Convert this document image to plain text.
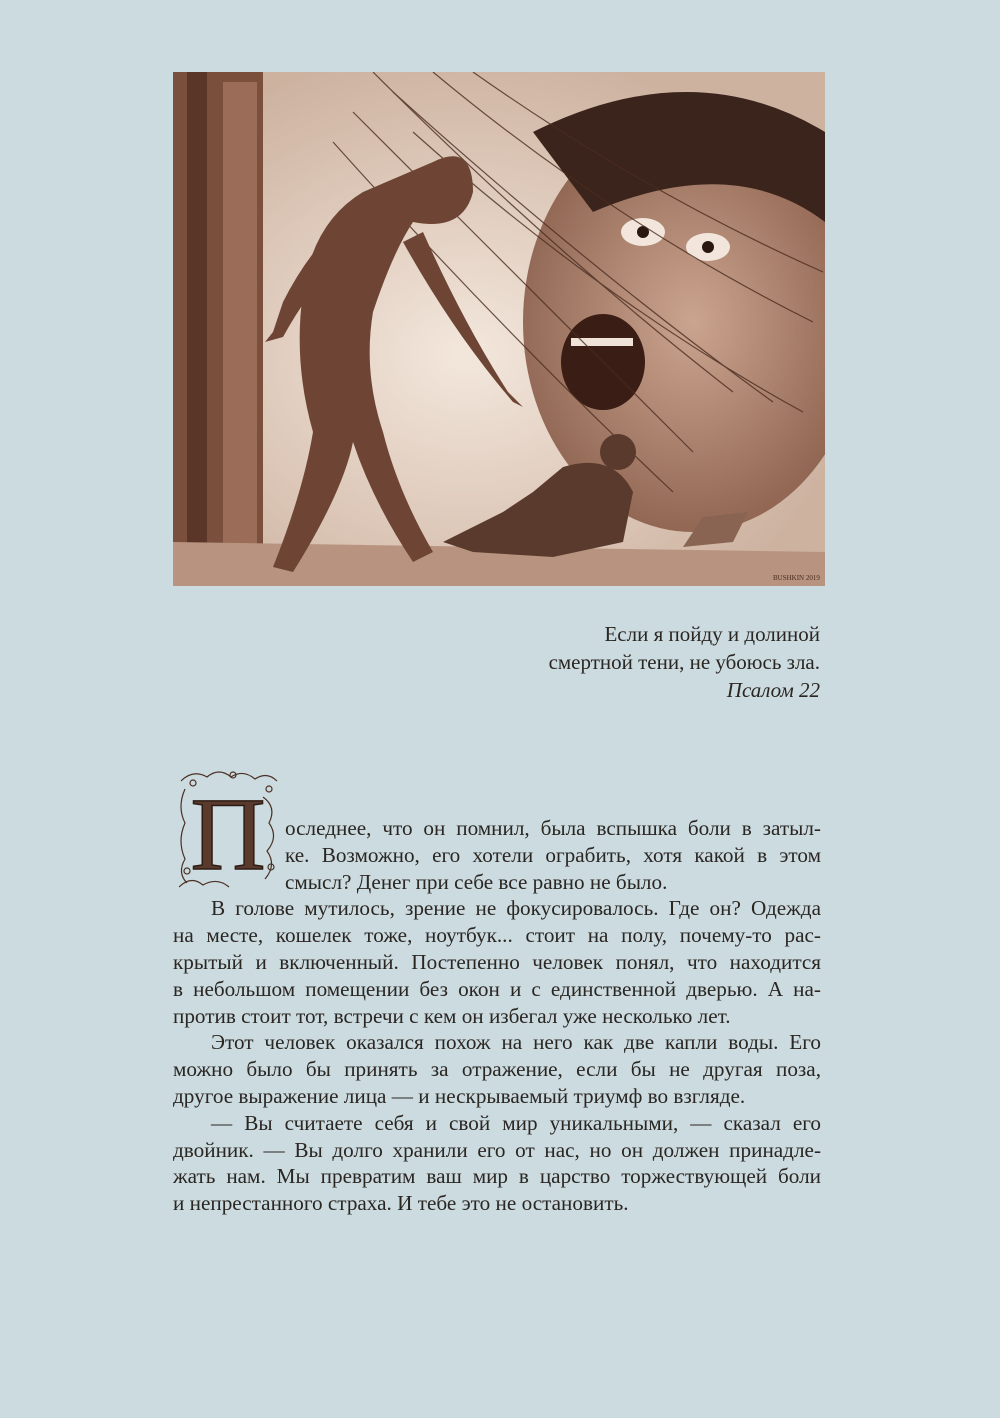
BUSHKIN 2019
Если я пойду и долиной
смертной тени, не убоюсь зла.
Псалом 22
П оследнее, что он помнил, была вспышка боли в затыл-
ке. Возможно, его хотели ограбить, хотя какой в этом
смысл? Денег при себе все равно не было.
В голове мутилось, зрение не фокусировалось. Где он? Одежда
на месте, кошелек тоже, ноутбук... стоит на полу, почему-то рас-
крытый и включенный. Постепенно человек понял, что находится
в небольшом помещении без окон и с единственной дверью. А на-
против стоит тот, встречи с кем он избегал уже несколько лет.
Этот человек оказался похож на него как две капли воды. Его
можно было бы принять за отражение, если бы не другая поза,
другое выражение лица — и нескрываемый триумф во взгляде.
— Вы считаете себя и свой мир уникальными, — сказал его
двойник. — Вы долго хранили его от нас, но он должен принадле-
жать нам. Мы превратим ваш мир в царство торжествующей боли
и непрестанного страха. И тебе это не остановить.
